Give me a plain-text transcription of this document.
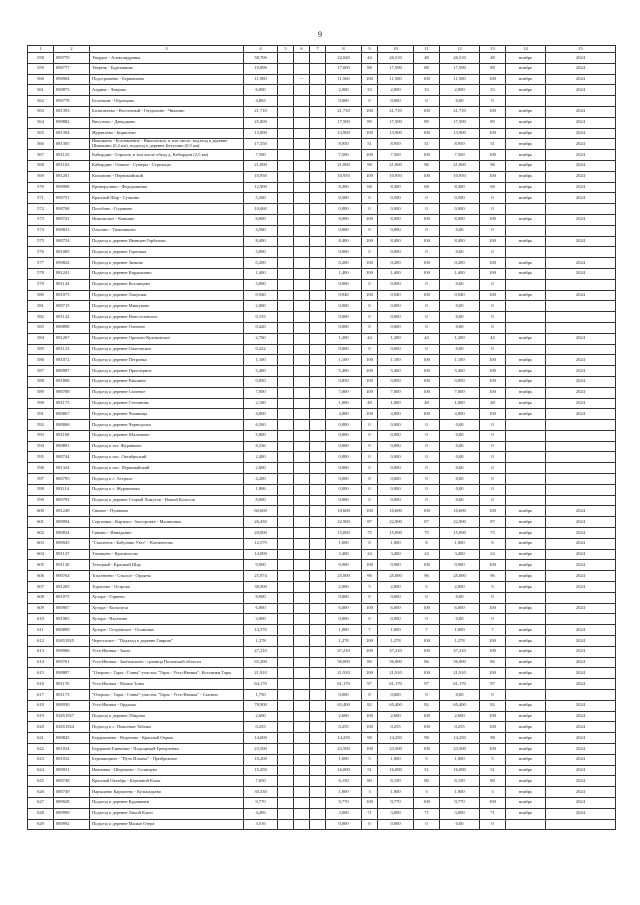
9
1	2	3	4	5	6	7	8	9	10	11	12	13	14	15
558	090770	Твердое - Александровка	58,706				22,040	44	26,510	48	26,510	48	ноябрь	2024
559	090777	Тверечь - Буртышино	19,896				17,000	88	17,500	88	17,500	88	ноябрь	2024
560	090904	Подстрекаево - Бернышево	11,900		---		11,560	100	11,500	100	11,500	100	ноябрь	2024
561	090875	Алрина - Лаврово	6,000				2,000	33	2,000	33	2,000	33	ноябрь	2024
562	090778	Белочкин - Образцово	4,865				0,000	0	0,000	0	0,00	0		
563	081393	Балагатьево - Восточный - Гендохино - Чвалино	21,710				21,710	100	21,710	100	21,710	100	ноябрь	2024
564	090882	Висупово - Давыдково	25,000				17,500	89	17,500	89	17,500	89	ноябрь	2024
565	081394	Журавлево - Бирюлево	13,900				13,900	100	13,900	100	13,900	100	ноябрь	2024
566	081395	Ивашкино - Богоявление - Никольское, в том числе: подъезд к деревне Шишкино (0,2 км), подъезд к деревне Бечугино (0,5 км)	17,350				8,950	51	8,950	51	8,950	51	ноябрь	2024
567	081125	Кабырдин - Горохов, в том числе обход д. Кабырдин (2,5 км)	7,500				7,500	100	7,500	100	7,500	100	ноябрь	2024
568	081163	Кабырдин - Ошино - Сумеры - Стрельцы	21,000				21,000	96	21,000	96	21,000	96	ноябрь	2024
569	081201	Коломино - Первомайский	10,950				10,950	100	10,950	100	10,950	100	ноябрь	2024
570	090908	Криворучино - Федоровкина	12,900				8,300	68	8,300	68	8,300	68	ноябрь	2024
571	090751	Красный Шар - Сучкино	5,200				0,500	0	0,500	0	0,500	0	ноябрь	2024
572	090768	Погобово - Годовино	10,060				0,000	0	0,000	0	0,000	0		
573	080741	Никольское - Ковкино	8,000				8,000	100	8,000	100	8,000	100	ноябрь	2024
574	090823	Ольгино - Тимониково	4,500				0,000	0	0,000	0	0,00	0		
575	080754	Подъезд к деревне Иванцев-Горбатова	8,400				8,400	100	8,400	100	8,400	100	ноябрь	2024
576	081085	Подъезд к деревне Горюшка	3,000				0,000	0	0,000	0	0,00	0		
577	090822	Подъезд к деревне Зимино	0,200				0,200	100	0,200	100	0,200	100	ноябрь	2024
578	081241	Подъезд к деревне Кардышино	1,400				1,400	100	1,400	100	1,400	100	ноябрь	2024
579	081144	Подъезд к деревне Козлищево	3,000				0,000	0	0,000	0	0,00	0		
580	081073	Подъезд к деревне Лапушки	0,940				0,940	100	0,940	100	0,940	100	ноябрь	2024
581	080715	Подъезд к деревне Мишуково	2,000				0,000	0	0,000	0	0,00	0		
582	081122	Подъезд к деревне Новоселовское	0,155				0,000	0	0,000	0	0,00	0		
583	080898	Подъезд к деревне Оленево	0,420				0,000	0	0,000	0	0,00	0		
584	081267	Подъезд к деревне Орехово-Куликовское	2,700				1,200	44	1,200	44	1,200	44	ноябрь	2024
585	081123	Подъезд к деревне Ожеговское	0,222				0,000	0	0,000	0	0,00	0		
586	081072	Подъезд к деревне Петровка	1,100				1,100	100	1,100	100	1,100	100	ноябрь	2024
587	080987	Подъезд к деревне Приозерное	5,400				5,400	100	5,400	100	5,400	100	ноябрь	2024
588	081868	Подъезд к деревне Ракшино	0,850				0,850	100	0,850	100	0,850	100	ноябрь	2024
589	080708	Подъезд к деревне Сычевое	7,000				7,000	100	7,000	100	7,000	100	ноябрь	2024
590	081173	Подъезд к деревне Степанова	2,100				1,000	48	1,000	48	1,000	48	ноябрь	2024
591	080867	Подъезд к деревне Чаливица	4,000				4,000	100	4,000	100	4,000	100	ноябрь	2024
592	080868	Подъезд к деревне Чернодолье	6,500				0,000	0	0,000	0	0,00	0		
593	081168	Подъезд к деревне Шалашово	5,800				0,000	0	0,000	0	0,00	0		
594	080891	Подъезд к пгт. Журавково	8,336				0,000	0	0,000	0	0,00	0		
595	080744	Подъезд к пос. Октябрьский	2,400				0,000	0	0,000	0	0,00	0		
596	081324	Подъезд к пос. Первомайский	2,000				0,000	0	0,000	0	0,00	0		
597	080795	Подъезд к с. Астрахо	4,200				0,000	0	0,000	0	0,00	0		
598	081114	Подъезд к с. Журавлевка	1,886				0,000	0	0,000	0	0,00	0		
599	080793	Подъезд к деревне Старый Хомутов - Новый Колосов	8,000				0,000	0	0,000	0	0,00	0		
600	081248	Свиное - Пушкино	60,600				10,600	100	10,600	100	10,600	100	ноябрь	2024
601	080994	Сергеевка - Картыш - Заостровье - Малиновка	26,430				22,900	87	22,900	87	22,900	87	ноябрь	2024
602	080834	Сивино - Ивнадкино	20,000				15,000	75	15,000	75	15,000	75	ноябрь	2024
603	080945	"Смоленск - Бабулино Узел" - Клементово	12,579				1,000	8	1,000	8	1,000	8	ноябрь	2024
604	081127	Татищево - Краснохолм	14,000				3,400	24	3,400	24	3,400	24	ноябрь	2024
605	091130	Тетецкий - Красный Шар	9,900				9,900	100	9,900	100	9,900	100	ноябрь	2024
606	090764	Токсенеево - Стылое - Орляны	25,974				25,000	96	25,000	96	25,000	96	ноябрь	2024
607	081205	Торопово - Острова	38,500				2,000	5	2,000	5	2,000	5	ноябрь	2024
608	081075	Хутора - Горнево	8,000				0,000	0	0,000	0	0,00	0		
609	080907	Хутора - Колычуха	6,000				6,000	100	6,000	100	6,000	100	ноябрь	2024
610	081065	Хутора - Нагатино	3,000				0,000	0	0,000	0	0,00	0		
611	080899	Хутора - Островское - Осиновка	14,570				1,000	7	1,000	7	1,000	7	ноябрь	2024
612	02651925	Чересполье - "Подъезд к деревне Гавриш"	1,278				1,278	100	1,278	100	1,278	100	ноябрь	2024
613	090906	Усть-Ивовка - Заоль	47,210				47,210	100	47,210	100	47,210	100	ноябрь	2024
614	090761	Усть-Ивовка - Заоньисково - граница Поповской области	65,200				56,000	86	56,000	86	56,000	86	ноябрь	2024
615	090887	"Озерово - Тары - Глина"-участок "Тары - Усть-Ивовка"- Костинки Тары	21,910				21,910	100	21,910	100	21,910	100	ноябрь	2024
616	081170	Усть-Ивовка - Малые Зоны	64,170				61,170	97	61,170	97	61,170	97	ноябрь	2024
617	081173	"Озерово - Тары - Глина"-участок "Тары - Усть-Ивовка" - Сытино	1,750				0,000	0	0,000	0	0,00	0		
618	080930	Усть-Ивовка - Ордышо	78,900				65,400	82	65,400	82	65,400	82	ноябрь	2024
619	02651927	Подъезд к деревне Лбирова	2,600				2,600	100	2,600	100	2,600	100	ноябрь	2024
620	02651924	Подъезд к с. Покоевые Табаны	0,255				0,255	100	0,255	100	0,255	100	ноябрь	2024
621	080825	Бердышнево - Веденово - Красный Овраж	14,600				14,250	98	14,250	98	14,250	98	ноябрь	2024
622	081034	Бердышн-Гливенки - Подгорный-Гремучевка	23,500				23,500	100	23,500	100	23,500	100	ноябрь	2024
623	081032	Бережищино - "Путь Ильича" - Прибрежное	10,200				1,000	5	1,000	5	1,000	5	ноябрь	2024
624	080931	Ивановка - Шерепово - Селищево	15,450				16,000	51	16,000	51	16,000	51	ноябрь	2024
625	080748	Красный Октябрь - Бережной Клык	7,650				6,150	80	6,150	80	6,150	80	ноябрь	2024
626	080749	Нарышево Карпатево - Кульпадьево	30,330				1,000	3	1,000	3	1,000	3	ноябрь	2024
627	080928	Подъезд к деревне Кудавинки	9,770				9,770	100	9,770	100	9,770	100	ноябрь	2024
628	080990	Подъезд к деревне Лихой Ключ	4,206				3,000	71	3,000	71	3,000	71	ноябрь	2024
629	080992	Подъезд к деревне Малые Озера	3,516				0,000	0	0,000	0	0,00	0		
